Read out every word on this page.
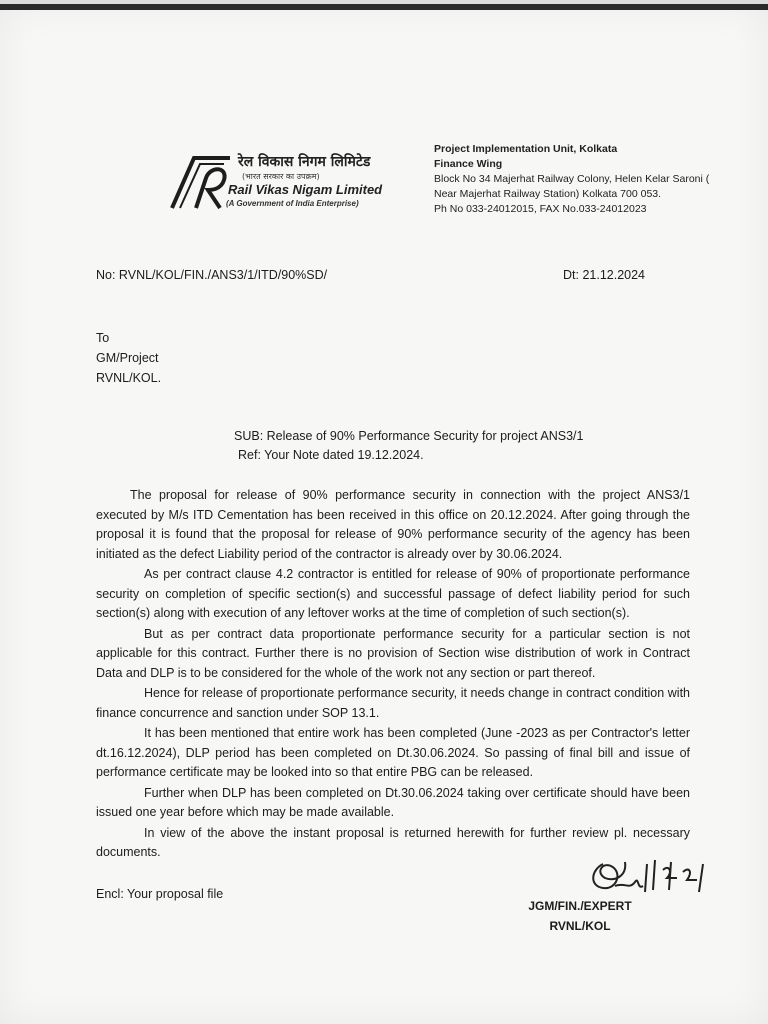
रेल विकास निगम लिमिटेड
(भारत सरकार का उपक्रम)
Rail Vikas Nigam Limited
(A Government of India Enterprise)
Project Implementation Unit, Kolkata
Finance Wing
Block No 34 Majerhat Railway Colony, Helen Kelar Saroni (
Near Majerhat Railway Station) Kolkata 700 053.
Ph No 033-24012015, FAX No.033-24012023
No: RVNL/KOL/FIN./ANS3/1/ITD/90%SD/	Dt: 21.12.2024
To
GM/Project
RVNL/KOL.
SUB: Release of 90% Performance Security for project ANS3/1
Ref: Your Note dated 19.12.2024.

The proposal for release of 90% performance security in connection with the project ANS3/1 executed by M/s ITD Cementation has been received in this office on 20.12.2024. After going through the proposal it is found that the proposal for release of 90% performance security of the agency has been initiated as the defect Liability period of the contractor is already over by 30.06.2024.

As per contract clause 4.2 contractor is entitled for release of 90% of proportionate performance security on completion of specific section(s) and successful passage of defect liability period for such section(s) along with execution of any leftover works at the time of completion of such section(s).

But as per contract data proportionate performance security for a particular section is not applicable for this contract. Further there is no provision of Section wise distribution of work in Contract Data and DLP is to be considered for the whole of the work not any section or part thereof.

Hence for release of proportionate performance security, it needs change in contract condition with finance concurrence and sanction under SOP 13.1.

It has been mentioned that entire work has been completed (June -2023 as per Contractor's letter dt.16.12.2024), DLP period has been completed on Dt.30.06.2024. So passing of final bill and issue of performance certificate may be looked into so that entire PBG can be released.

Further when DLP has been completed on Dt.30.06.2024 taking over certificate should have been issued one year before which may be made available.

In view of the above the instant proposal is returned herewith for further review pl. necessary documents.

Encl: Your proposal file
JGM/FIN./EXPERT
RVNL/KOL
